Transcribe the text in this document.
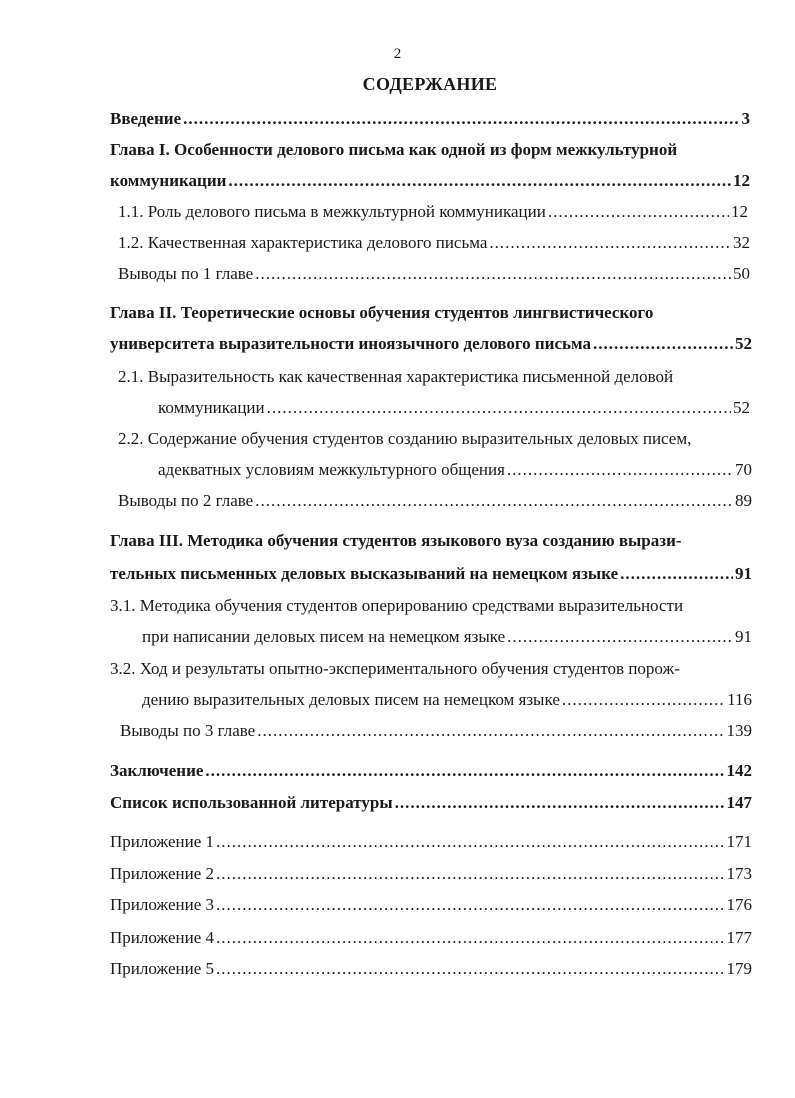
2
СОДЕРЖАНИЕ
Введение .....	3
Глава I. Особенности делового письма как одной из форм межкультурной
коммуникации .....	12
1.1. Роль делового письма в межкультурной коммуникации .....	12
1.2. Качественная характеристика делового письма .....	32
Выводы по 1 главе .....	50
Глава II. Теоретические основы обучения студентов лингвистического
университета выразительности иноязычного делового письма .....	52
2.1. Выразительность как качественная характеристика письменной деловой
коммуникации .....	52
2.2. Содержание обучения студентов созданию выразительных деловых писем,
адекватных условиям межкультурного общения .....	70
Выводы по 2 главе .....	89
Глава III. Методика обучения студентов языкового вуза созданию вырази-
тельных письменных деловых высказываний на немецком языке .....	91
3.1. Методика обучения студентов оперированию средствами выразительности
при написании деловых писем на немецком языке .....	91
3.2. Ход и результаты опытно-экспериментального обучения студентов порож-
дению выразительных деловых писем на немецком языке .....	116
Выводы по 3 главе .....	139
Заключение .....	142
Список использованной литературы .....	147
Приложение 1 .....	171
Приложение 2 .....	173
Приложение 3 .....	176
Приложение 4 .....	177
Приложение 5 .....	179
